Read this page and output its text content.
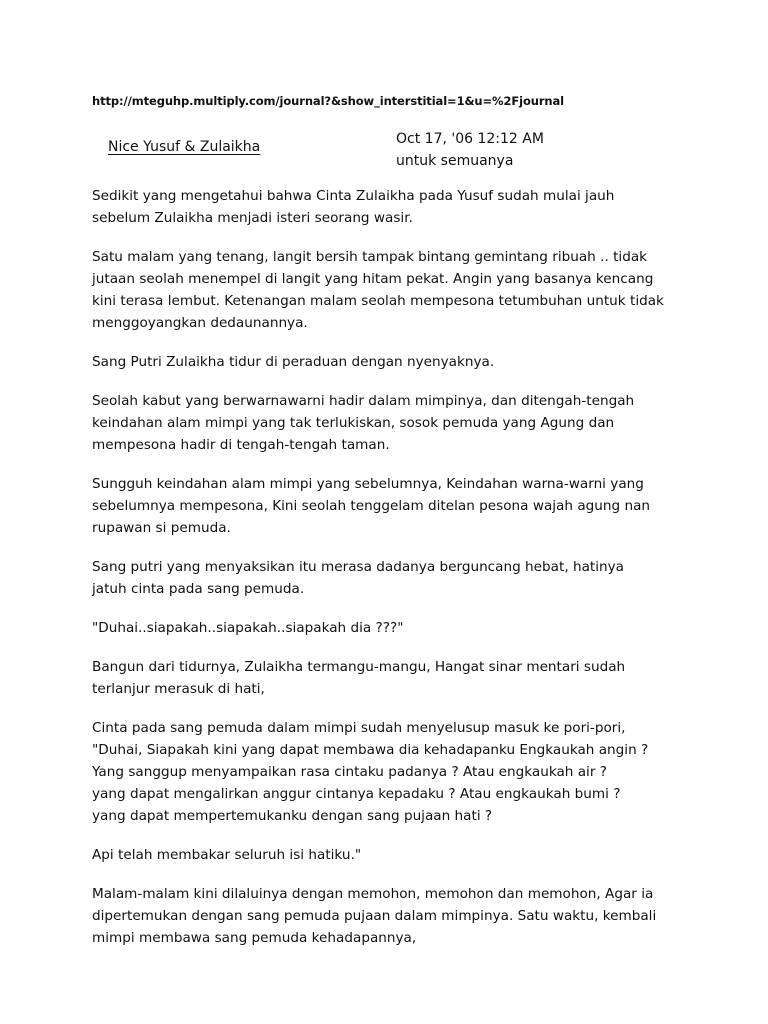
http://mteguhp.multiply.com/journal?&show_interstitial=1&u=%2Fjournal
Nice Yusuf & Zulaikha	Oct 17, '06 12:12 AM
untuk semuanya

Sedikit yang mengetahui bahwa Cinta Zulaikha pada Yusuf sudah mulai jauh
sebelum Zulaikha menjadi isteri seorang wasir.

Satu malam yang tenang, langit bersih tampak bintang gemintang ribuah .. tidak
jutaan seolah menempel di langit yang hitam pekat. Angin yang basanya kencang
kini terasa lembut. Ketenangan malam seolah mempesona tetumbuhan untuk tidak
menggoyangkan dedaunannya.

Sang Putri Zulaikha tidur di peraduan dengan nyenyaknya.

Seolah kabut yang berwarnawarni hadir dalam mimpinya, dan ditengah-tengah
keindahan alam mimpi yang tak terlukiskan, sosok pemuda yang Agung dan
mempesona hadir di tengah-tengah taman.

Sungguh keindahan alam mimpi yang sebelumnya, Keindahan warna-warni yang
sebelumnya mempesona, Kini seolah tenggelam ditelan pesona wajah agung nan
rupawan si pemuda.

Sang putri yang menyaksikan itu merasa dadanya berguncang hebat, hatinya
jatuh cinta pada sang pemuda.

"Duhai..siapakah..siapakah..siapakah dia ???"

Bangun dari tidurnya, Zulaikha termangu-mangu, Hangat sinar mentari sudah
terlanjur merasuk di hati,

Cinta pada sang pemuda dalam mimpi sudah menyelusup masuk ke pori-pori,
"Duhai, Siapakah kini yang dapat membawa dia kehadapanku Engkaukah angin ?
Yang sanggup menyampaikan rasa cintaku padanya ? Atau engkaukah air ?
yang dapat mengalirkan anggur cintanya kepadaku ? Atau engkaukah bumi ?
yang dapat mempertemukanku dengan sang pujaan hati ?

Api telah membakar seluruh isi hatiku."

Malam-malam kini dilaluinya dengan memohon, memohon dan memohon, Agar ia
dipertemukan dengan sang pemuda pujaan dalam mimpinya. Satu waktu, kembali
mimpi membawa sang pemuda kehadapannya,
